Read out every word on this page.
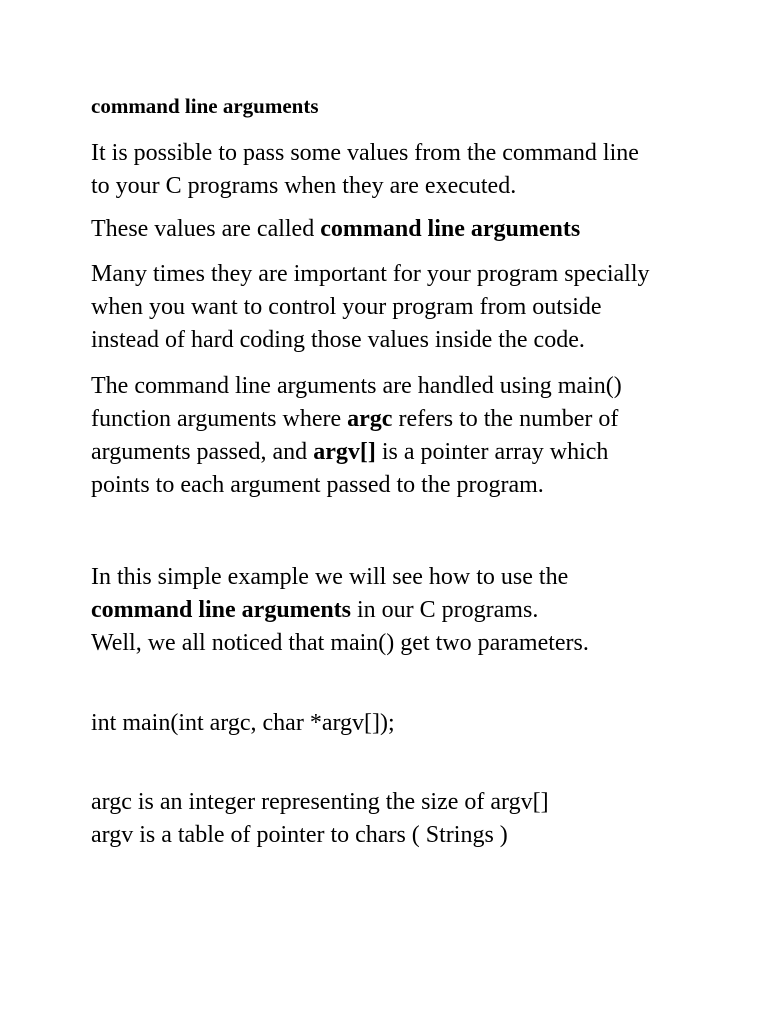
command line arguments

It is possible to pass some values from the command line
to your C programs when they are executed.

These values are called command line arguments

Many times they are important for your program specially
when you want to control your program from outside
instead of hard coding those values inside the code.

The command line arguments are handled using main()
function arguments where argc refers to the number of
arguments passed, and argv[] is a pointer array which
points to each argument passed to the program.

In this simple example we will see how to use the
command line arguments in our C programs.
Well, we all noticed that main() get two parameters.

int main(int argc, char *argv[]);

argc is an integer representing the size of argv[]
argv is a table of pointer to chars ( Strings )
